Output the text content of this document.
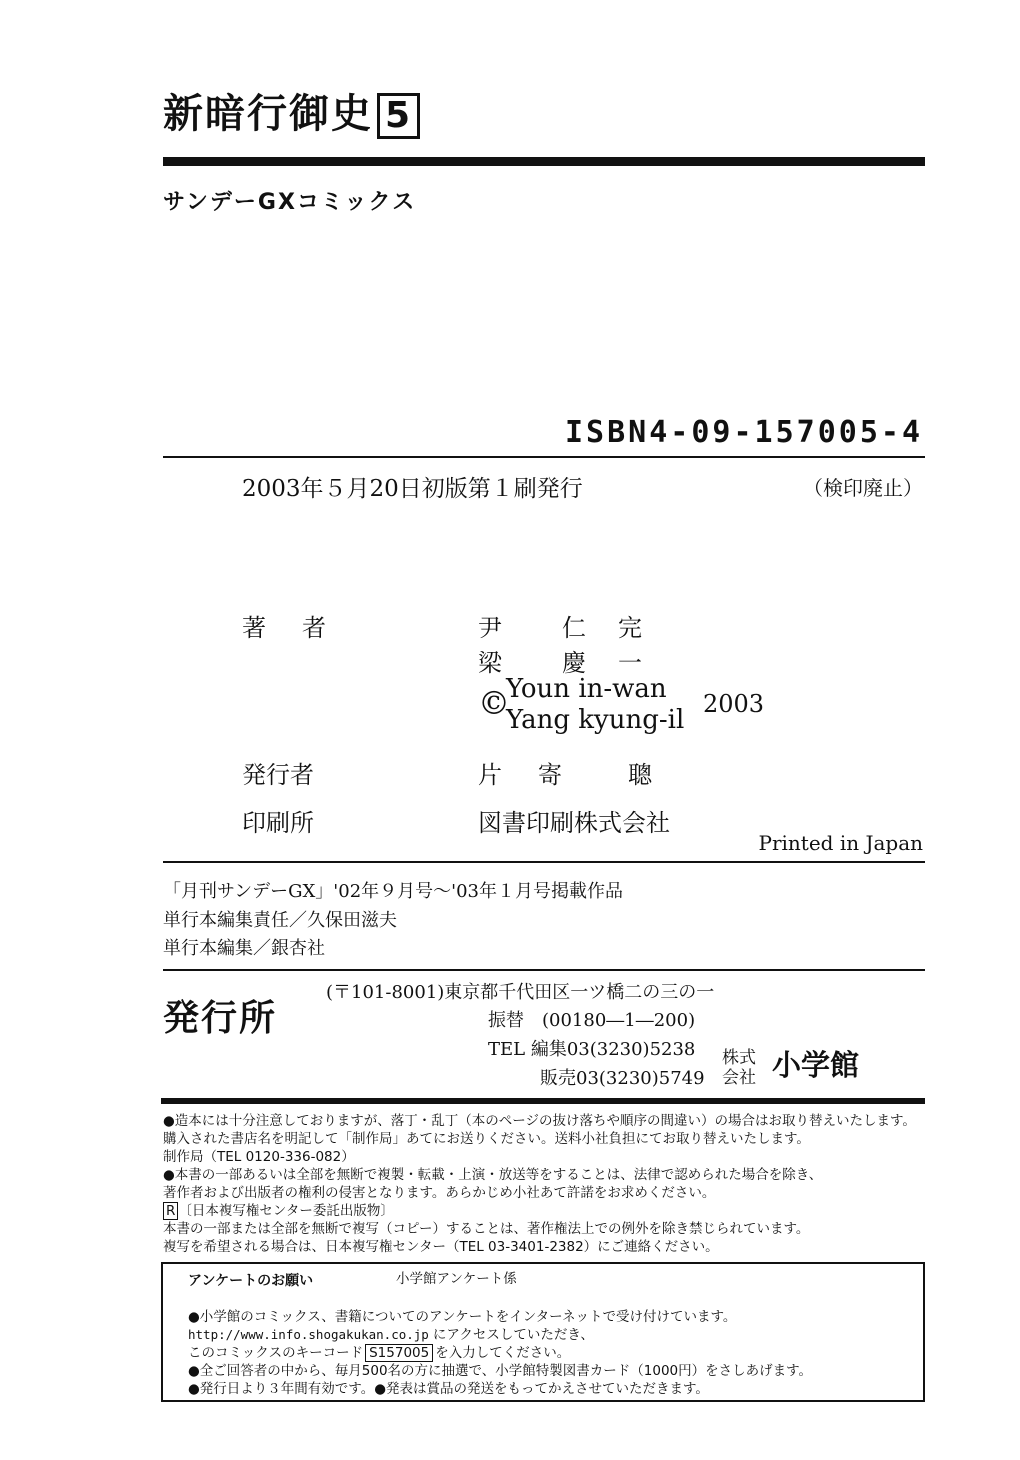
新暗行御史 5
サンデーGXコミックス
ISBN4-09-157005-4
2003年５月20日初版第１刷発行	（検印廃止）
著　者	尹　　仁　完
梁　　慶　一
©
Youn in-wan
Yang kyung-il
2003
発行者	片　寄　　聰
印刷所	図書印刷株式会社
Printed in Japan
「月刊サンデーGX」'02年９月号～'03年１月号掲載作品
単行本編集責任／久保田滋夫
単行本編集／銀杏社
発行所
(〒101-8001)東京都千代田区一ツ橋二の三の一
振替　(00180―1―200)
TEL 編集03(3230)5238
販売03(3230)5749
株式
会社 小学館
●造本には十分注意しておりますが、落丁・乱丁（本のページの抜け落ちや順序の間違い）の場合はお取り替えいたします。
購入された書店名を明記して「制作局」あてにお送りください。送料小社負担にてお取り替えいたします。
制作局（TEL 0120-336-082）
●本書の一部あるいは全部を無断で複製・転載・上演・放送等をすることは、法律で認められた場合を除き、
著作者および出版者の権利の侵害となります。あらかじめ小社あて許諾をお求めください。
R 〔日本複写権センター委託出版物〕
本書の一部または全部を無断で複写（コピー）することは、著作権法上での例外を除き禁じられています。
複写を希望される場合は、日本複写権センター（TEL 03-3401-2382）にご連絡ください。
アンケートのお願い	小学館アンケート係
●小学館のコミックス、書籍についてのアンケートをインターネットで受け付けています。
http://www.info.shogakukan.co.jp にアクセスしていただき、
このコミックスのキーコード S157005 を入力してください。
●全ご回答者の中から、毎月500名の方に抽選で、小学館特製図書カード（1000円）をさしあげます。
●発行日より３年間有効です。●発表は賞品の発送をもってかえさせていただきます。
